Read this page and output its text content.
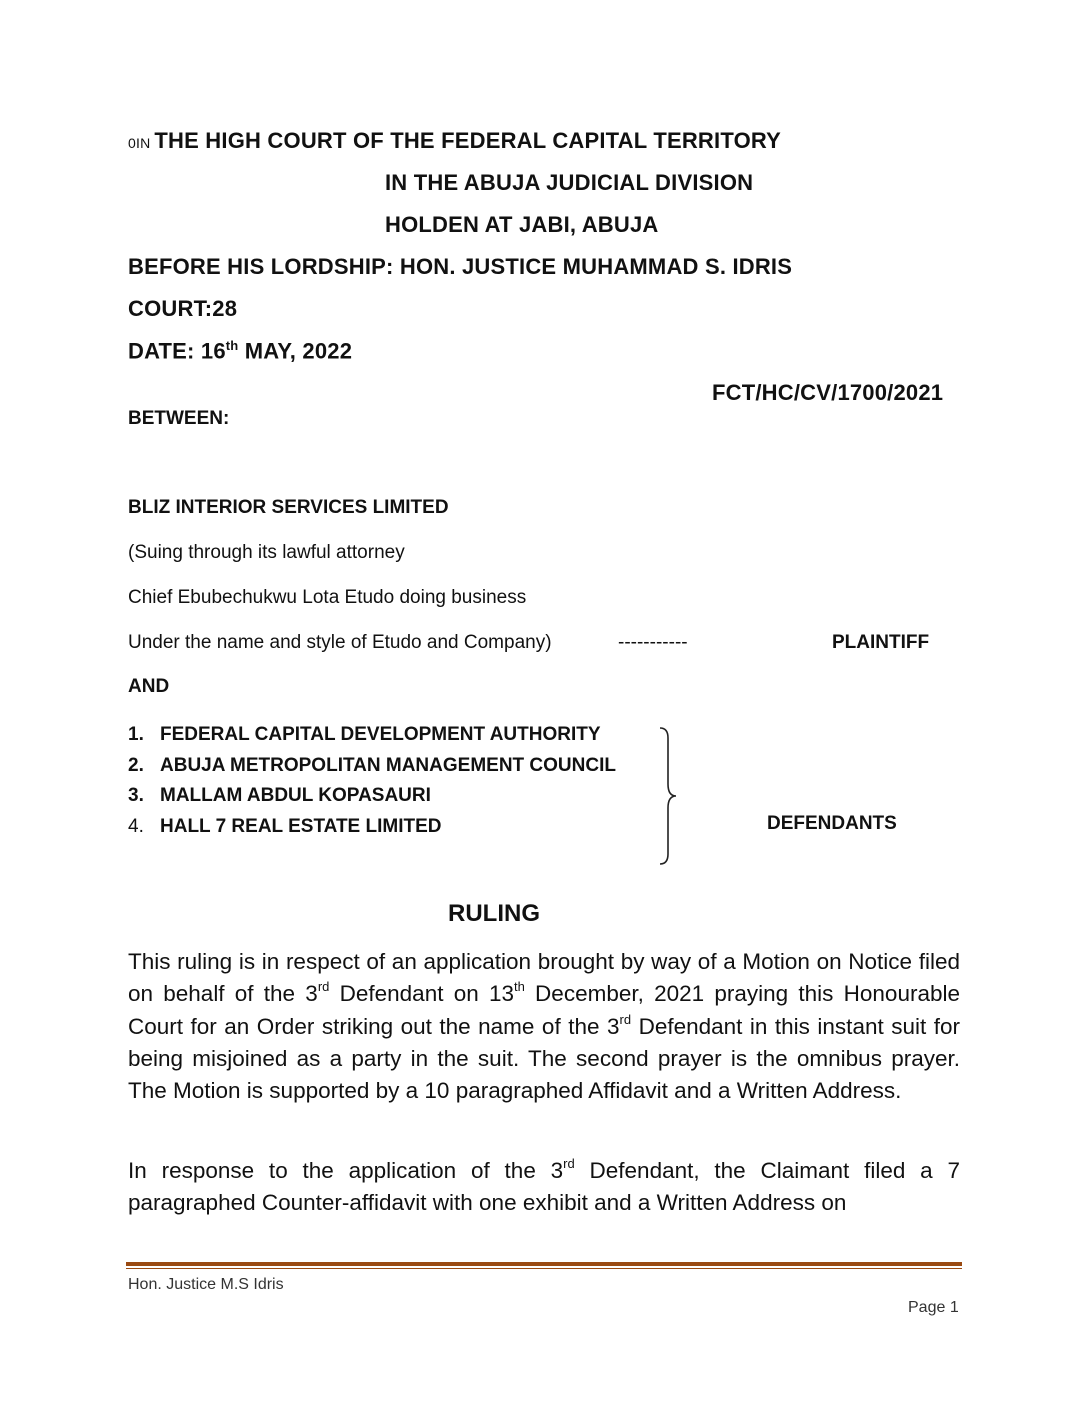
0IN THE HIGH COURT OF THE FEDERAL CAPITAL TERRITORY
IN THE ABUJA JUDICIAL DIVISION
HOLDEN AT JABI, ABUJA
BEFORE HIS LORDSHIP: HON. JUSTICE MUHAMMAD S. IDRIS
COURT:28
DATE: 16th MAY, 2022
FCT/HC/CV/1700/2021
BETWEEN:
BLIZ INTERIOR SERVICES LIMITED
(Suing through its lawful attorney
Chief Ebubechukwu Lota Etudo doing business
Under the name and style of Etudo and Company)	-----------	PLAINTIFF
AND
1. FEDERAL CAPITAL DEVELOPMENT AUTHORITY
2. ABUJA METROPOLITAN MANAGEMENT COUNCIL
3. MALLAM ABDUL KOPASAURI
4. HALL 7 REAL ESTATE LIMITED	DEFENDANTS
RULING

This ruling is in respect of an application brought by way of a Motion on Notice filed on behalf of the 3rd Defendant on 13th December, 2021 praying this Honourable Court for an Order striking out the name of the 3rd Defendant in this instant suit for being misjoined as a party in the suit. The second prayer is the omnibus prayer. The Motion is supported by a 10 paragraphed Affidavit and a Written Address.

In response to the application of the 3rd Defendant, the Claimant filed a 7 paragraphed Counter-affidavit with one exhibit and a Written Address on

Hon. Justice M.S Idris
Page 1
